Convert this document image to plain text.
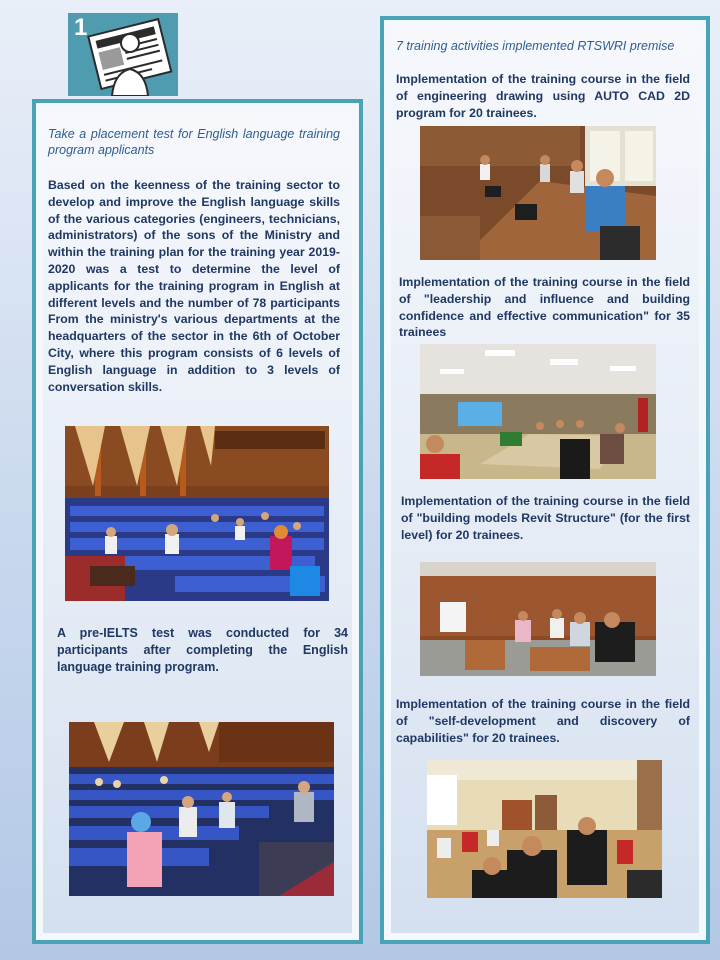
1
Take a placement test for English language training program applicants
Based on the keenness of the training sector to develop and improve the English language skills of the various categories (engineers, technicians, administrators) of the sons of the Ministry and within the training plan for the training year 2019-2020 was a test to determine the level of applicants for the training program in English at different levels and the number of 78 participants From the ministry's various departments at the headquarters of the sector in the 6th of October City, where this program consists of 6 levels of English language in addition to 3 levels of conversation skills.
A pre-IELTS test was conducted for 34 participants after completing the English language training program.
7 training activities implemented RTSWRI premise
Implementation of the training course in the field of engineering drawing using AUTO CAD 2D program for 20 trainees.
Implementation of the training course in the field of "leadership and influence and building confidence and effective communication" for 35 trainees
Implementation of the training course in the field of "building models Revit Structure" (for the first level) for 20 trainees.
Implementation of the training course in the field of "self-development and discovery of capabilities" for 20 trainees.
